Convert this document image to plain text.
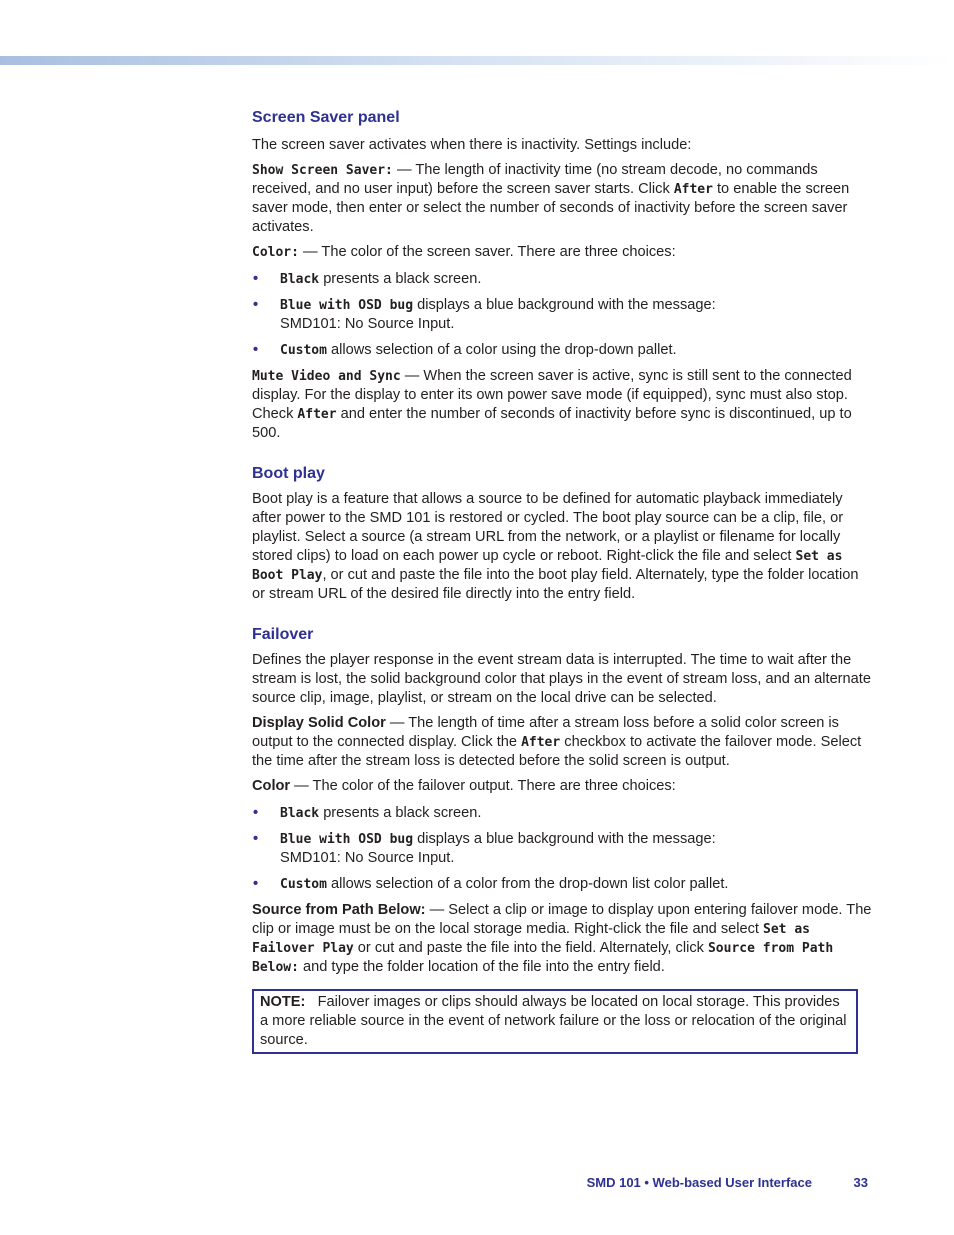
Screen Saver panel

The screen saver activates when there is inactivity. Settings include:

Show Screen Saver: — The length of inactivity time (no stream decode, no commands received, and no user input) before the screen saver starts. Click After to enable the screen saver mode, then enter or select the number of seconds of inactivity before the screen saver activates.

Color: — The color of the screen saver. There are three choices:

• Black presents a black screen.
• Blue with OSD bug displays a blue background with the message:
SMD101: No Source Input.
• Custom allows selection of a color using the drop-down pallet.

Mute Video and Sync — When the screen saver is active, sync is still sent to the connected display. For the display to enter its own power save mode (if equipped), sync must also stop. Check After and enter the number of seconds of inactivity before sync is discontinued, up to 500.

Boot play

Boot play is a feature that allows a source to be defined for automatic playback immediately after power to the SMD 101 is restored or cycled. The boot play source can be a clip, file, or playlist. Select a source (a stream URL from the network, or a playlist or filename for locally stored clips) to load on each power up cycle or reboot. Right-click the file and select Set as Boot Play, or cut and paste the file into the boot play field. Alternately, type the folder location or stream URL of the desired file directly into the entry field.

Failover

Defines the player response in the event stream data is interrupted. The time to wait after the stream is lost, the solid background color that plays in the event of stream loss, and an alternate source clip, image, playlist, or stream on the local drive can be selected.

Display Solid Color — The length of time after a stream loss before a solid color screen is output to the connected display. Click the After checkbox to activate the failover mode. Select the time after the stream loss is detected before the solid screen is output.

Color — The color of the failover output. There are three choices:

• Black presents a black screen.
• Blue with OSD bug displays a blue background with the message:
SMD101: No Source Input.
• Custom allows selection of a color from the drop-down list color pallet.

Source from Path Below: — Select a clip or image to display upon entering failover mode. The clip or image must be on the local storage media. Right-click the file and select Set as Failover Play or cut and paste the file into the field. Alternately, click Source from Path Below: and type the folder location of the file into the entry field.

NOTE: Failover images or clips should always be located on local storage. This provides a more reliable source in the event of network failure or the loss or relocation of the original source.
SMD 101 • Web-based User Interface	33
